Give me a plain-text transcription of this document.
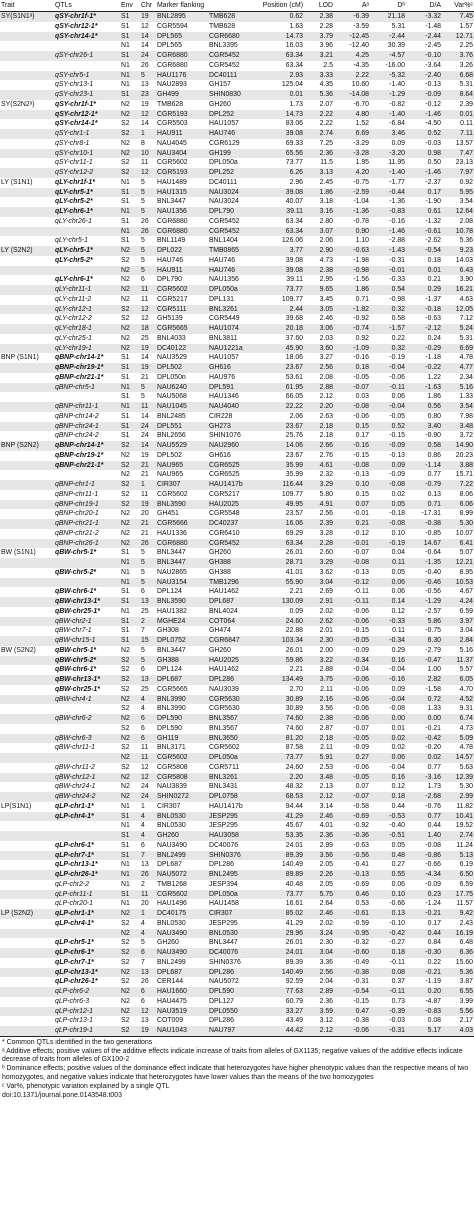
Trait	QTLs	Env	Chr	Marker flanking		Position (cM)	LOD	Aᵃ	Dᵇ	D/A	Var%ᶜ
SY(S1N1ᵃ)	qSY-chr1f-1*	S1	19	BNL2895	TMB628	0.62	2.38	-6.39	21.18	-3.32	7.45
	qSY-chr12-1*	S1	12	CGR5594	TMB628	1.63	2.28	-3.59	5.31	-1.48	1.57
	qSY-chr14-1*	S1	14	DPL565	CGR6680	14.73	3.79	-12.45	-2.44	-2.44	12.71
		N1	14	DPL565	BNL3395	16.03	3.96	-12.40	30.39	-2.45	2.25
	qSY-chr26-1	S1	24	CGR6880	CGR5452	63.34	3.21	4.25	-4.57	-0.10	3.76
		N1	26	CGR6880	CGR5452	63.34	2.5	-4.35	-16.00	-3.64	3.26
	qSY-chr5-1	N1	5	HAU1176	DC40111	2.93	3.33	2.22	-5.32	-2.40	6.68
	qSY-chr13-1	N1	13	NAU2893	GH157	125.04	4.35	10.60	-1.40	-0.13	5.31
	qSY-chr23-1	S1	23	GH499	SHIN0830	0.01	5.36	-14.08	-1.29	-0.09	8.64
SY(S2N2ᵃ)	qSY-chr1f-1*	N2	19	TMB628	GH260	1.73	2.07	-6.70	-0.82	-0.12	2.39
	qSY-chr12-1*	N2	12	CGR5193	DPL252	14.73	2.22	4.80	-1.40	-1.46	0.01
	qSY-chr14-1*	S2	14	CGR5503	HAU1057	83.06	2.22	1.52	-6.84	-4.50	0.11
	qSY-chr1-1	S2	1	HAU911	HAU746	39.08	2.74	6.69	3.46	0.52	7.11
	qSY-chr8-1	N2	8	NAU4045	CGR6129	69.33	7.25	-3.29	0.09	-0.03	13.57
	qSY-chr10-1	N2	10	NAU3404	GH199	65.56	2.36	-3.28	-3.20	0.98	7.47
	qSY-chr11-1	S2	11	CGR5602	DPL050a	73.77	11.5	1.95	11.95	0.50	23.13
	qSY-chr12-2	S2	12	CGR5193	DPL252	6.26	3.13	4.20	-1.40	-1.46	7.97
LY (S1N1)	qLY-chr1f-1*	N1	5	HAU1489	DC40111	2.96	2.45	-0.75	-1.77	-2.37	0.92
	qLY-chr5-1*	S1	5	HAU1315	NAU3024	39.08	1.86	-2.59	-0.44	0.17	5.95
	qLY-chr5-2*	S1	5	BNL3447	NAU3024	40.07	3.18	-1.04	-1.36	-1.90	3.54
	qLY-chr6-1*	N1	5	NAU1356	DPL790	39.11	3.16	-1.36	-0.83	0.61	12.64
	qLY-chr26-1	S1	26	CGR6880	CGR5452	63.34	2.80	-0.78	-0.16	-1.32	2.08
		N1	26	CGR6880	CGR5452	63.34	3.07	0.90	-1.46	-0.61	10.78
	qLY-chr5-1	S1	5	BNL1149	BNL1404	126.06	2.06	1.10	-2.88	-2.62	5.36
LY (S2N2)	qLY-chr5-1*	N2	5	DPL022	TMB0865	3.77	2.90	-0.63	-1.43	-0.54	9.23
	qLY-chr5-2*	S2	5	HAU746	HAU746	39.08	4.73	-1.98	-0.31	0.18	14.03
		N2	5	HAU911	HAU746	39.08	2.38	-0.98	-0.01	0.01	6.43
	qLY-chr6-1*	N2	6	DPL790	NAU1356	39.11	2.95	-1.56	-0.33	0.21	3.90
	qLY-chr11-1	N2	11	CGR5602	DPL050a	73.77	9.65	1.86	0.54	0.29	16.21
	qLY-chr11-2	N2	11	CGR5217	DPL131	109.77	3.45	0.71	-0.98	-1.37	4.63
	qLY-chr12-1	S2	12	CGR5111	BNL3261	2.44	3.05	-1.82	0.32	-0.18	12.05
	qLY-chr12-2	S2	12	GH5139	CGR5449	39.68	2.46	-0.92	0.58	-0.63	7.12
	qLY-chr18-1	N2	18	CGR5665	HAU1074	20.18	3.06	-0.74	-1.57	-2.12	5.24
	qLY-chr25-1	N2	25	BNL4033	BNL3811	37.60	2.03	0.92	0.22	0.24	5.31
	qLY-chr19-1	N2	19	DC40122	NAU1221a	45.90	3.60	-1.09	0.32	-0.29	6.69
BNP (S1N1)	qBNP-chr14-1*	S1	14	NAU3529	HAU1057	18.06	3.27	-0.16	-0.19	-1.18	4.78
	qBNP-chr19-1*	S1	19	DPL502	GH616	23.67	2.56	0.18	-0.04	-0.22	4.77
	qBNP-chr21-1*	S1	21	DPL050n	HAU976	53.61	2.08	-0.05	-0.06	1.22	2.34
	qBNP-chr5-1	N1	5	NAU6240	DPL591	61.95	2.88	-0.07	-0.11	-1.63	5.16
		S1	5	NAU5068	HAU1346	66.05	2.12	0.03	0.06	1.86	1.33
	qBNP-chr11-1	N1	11	NAU1045	NAU4040	22.22	2.20	-0.08	-0.04	0.56	3.54
	qBNP-chr14-2	S1	14	BNL2485	CIR228	2.06	2.63	-0.06	-0.05	0.80	7.98
	qBNP-chr24-1	S1	24	DPL551	GH273	23.67	2.18	0.15	0.52	3.40	3.48
	qBNP-chr24-2	S1	24	BNL2656	SHIN1076	25.76	2.18	0.17	-0.15	-0.90	3.72
BNP (S2N2)	qBNP-chr14-1*	S2	14	NAU5529	NAU2960	14.06	2.66	-0.16	-0.09	0.58	14.90
	qBNP-chr19-1*	N2	19	DPL502	GH616	23.67	2.76	-0.15	-0.13	0.86	20.23
	qBNP-chr21-1*	S2	21	NAU965	CGR6525	35.99	4.61	-0.08	0.09	-1.14	3.88
		N2	21	NAU965	CGR6525	35.99	2.32	-0.13	-0.09	0.77	15.71
	qBNP-chr1-1	S2	1	CIR307	HAU1417b	116.44	3.29	0.10	-0.08	-0.79	7.22
	qBNP-chr11-1	S2	11	CGR5602	CGR5217	109.77	5.80	0.15	0.02	0.13	8.06
	qBNP-chr19-1	S2	19	BNL3590	HAU2025	49.95	4.91	0.07	0.05	0.71	6.06
	qBNP-chr20-1	N2	20	GH451	CGR5548	23.57	2.56	-0.01	-0.18	-17.31	8.99
	qBNP-chr21-1	N2	21	CGR5666	DC40237	16.06	2.39	0.21	-0.08	-0.38	5.30
	qBNP-chr21-2	N2	21	HAU1336	CGR6410	69.29	3.28	-0.12	0.10	-0.85	10.07
	qBNP-chr26-1	N2	26	CGR6880	CGR5452	63.34	2.28	-0.01	-0.19	14.67	6.41
BW (S1N1)	qBW-chr5-1*	S1	5	BNL3447	GH260	26.01	2.60	-0.07	0.04	-0.64	5.07
		N1	5	BNL3447	GH388	28.71	3.29	-0.08	0.11	-1.35	12.21
	qBW-chr5-2*	N1	5	NAU2865	GH388	41.01	3.62	-0.13	0.05	-0.40	8.95
		N1	5	NAU3154	TMB1296	55.90	3.04	-0.12	0.06	-0.46	10.53
	qBW-chr6-1*	S1	6	DPL124	HAU1462	2.21	2.69	-0.11	0.06	-0.56	4.67
	qBW-chr13-1*	S1	13	BNL3590	DPL687	130.09	2.91	-0.11	0.14	-1.29	4.24
	qBW-chr25-1*	N1	25	HAU1382	BNL4024	0.09	2.02	-0.06	0.12	-2.57	6.59
	qBW-chr2-1	S1	2	MGHE24	COT064	24.60	2.62	-0.06	-0.33	5.86	3.97
	qBW-chr7-1	S1	7	GH308	GH474	22.88	2.01	-0.15	0.11	-0.75	3.04
	qBW-chr15-1	S1	15	DPL0752	CGR6847	103.34	2.30	-0.05	-0.34	6.30	2.84
BW (S2N2)	qBW-chr5-1*	N2	5	BNL3447	GH260	26.01	2.00	-0.09	0.29	-2.79	5.16
	qBW-chr5-2*	S2	5	GH388	HAU2025	59.86	3.22	-0.34	0.16	-0.47	11.37
	qBW-chr6-1*	S2	6	DPL124	HAU1462	2.21	2.88	-0.04	-0.04	1.00	5.57
	qBW-chr13-1*	S2	13	DPL687	DPL286	134.49	3.75	-0.06	-0.16	2.82	6.05
	qBW-chr25-1*	S2	25	CGR5665	NAU3039	2.70	2.11	-0.06	0.09	-1.58	4.70
	qBW-chr4-1	N2	4	BNL3990	CGR5630	30.89	2.16	-0.06	-0.04	0.72	4.52
		S2	4	BNL3990	CGR5630	30.89	3.56	-0.06	-0.08	1.33	9.31
	qBW-chr6-2	N2	6	DPL590	BNL3567	74.60	2.38	-0.06	0.00	0.00	6.74
		S2	6	DPL590	BNL3567	74.60	2.87	-0.07	0.01	-0.21	4.73
	qBW-chr6-3	N2	6	GH119	BNL3650	81.20	2.18	-0.05	0.02	-0.42	5.09
	qBW-chr11-1	S2	11	BNL3171	CGR5602	87.58	2.11	-0.09	0.02	-0.20	4.78
		N2	11	CGR5602	DPL050a	73.77	5.91	0.27	0.06	0.02	14.57
	qBW-chr11-2	S2	12	CGR5808	CGR5711	24.60	2.53	-0.06	-0.04	0.77	5.63
	qBW-chr12-1	N2	12	CGR5808	BNL3261	2.20	3.48	-0.05	0.16	-3.16	12.39
	qBW-chr24-1	N2	24	NAU3839	BNL3431	48.32	2.13	0.07	0.12	1.73	5.30
	qBW-chr24-2	N2	24	SHIN0272	DPL0758	68.53	2.12	-0.07	0.18	-2.68	2.99
LP(S1N1)	qLP-chr1-1*	N1	1	CIR307	HAU1417b	94.44	3.14	-0.58	0.44	-0.76	11.82
	qLP-chr4-1*	S1	4	BNL0530	JESP295	41.29	2.46	-0.69	-0.53	0.77	10.41
		N1	4	BNL0530	JESP295	45.67	4.01	-0.92	-0.40	0.44	19.52
		S1	4	GH260	HAU3058	53.35	2.36	-0.36	-0.51	1.40	2.74
	qLP-chr6-1*	S1	6	NAU3490	DC40076	24.01	2.99	-0.63	0.05	-0.08	11.24
	qLP-chr7-1*	S1	7	BNL2499	SHIN0376	89.39	3.56	-0.56	0.48	-0.86	5.13
	qLP-chr13-1*	N1	13	DPL687	DPL286	140.49	2.05	-0.41	0.27	-0.66	6.19
	qLP-chr26-1*	N1	26	NAU5072	BNL2495	89.89	2.26	-0.13	0.55	-4.34	6.50
	qLP-chr2-2	N1	2	TMB1268	JESP394	40.48	2.05	-0.69	0.06	-0.09	6.59
	qLP-chr11-1	S1	11	CGR5602	DPL050a	73.77	5.75	0.46	0.10	0.23	17.75
	qLP-chr20-1	N1	20	HAU1496	HAU1458	16.61	2.64	0.53	-0.66	-1.24	11.57
LP (S2N2)	qLP-chr1-1*	N2	1	DC40175	CIR307	85.02	2.46	-0.61	0.13	-0.21	9.42
	qLP-chr4-1*	S2	4	BNL0530	JESP295	41.29	2.02	-0.59	-0.10	0.17	2.43
		N2	4	NAU3490	BNL0530	29.96	3.24	-0.95	-0.42	0.44	16.19
	qLP-chr5-1*	S2	5	GH260	BNL3447	26.01	2.30	-0.32	-0.27	0.84	6.48
	qLP-chr6-1*	S2	6	NAU3490	DC40076	24.01	3.04	-0.60	0.18	-0.30	6.36
	qLP-chr7-1*	S2	7	BNL2499	SHIN0376	89.39	3.36	-0.49	-0.11	0.22	15.60
	qLP-chr13-1*	N2	13	DPL687	DPL286	140.49	2.56	-0.38	0.08	-0.21	5.36
	qLP-chr26-1*	S2	26	CER144	NAU5072	92.59	2.04	-0.31	0.37	-1.19	3.87
	qLP-chr6-2	N2	6	HAU1660	DPL590	77.63	2.89	-0.54	-0.11	0.20	6.55
	qLP-chr6-3	N2	6	HAU4475	DPL127	60.79	2.36	-0.15	0.73	-4.87	3.99
	qLP-chr12-1	N2	12	NAU3519	DPL0550	33.27	3.59	0.47	-0.39	-0.83	5.56
	qLP-chr13-1	S2	13	COT009	DPL286	43.49	3.12	-0.38	-0.03	0.08	2.17
	qLP-chr19-1	S2	19	NAU1043	NAU797	44.42	2.12	-0.06	-0.31	5.17	4.03
* Common QTLs identified in the two generations
ᵃ Additive effects; positive values of the additive effects indicate increase of traits from alleles of GX1135; negative values of the additive effects indicate decrease of traits from alleles of GX100-2
ᵇ Dominance effects; positive values of the dominance effect indicate that heterozygotes have higher phenotypic values than the respective means of two homozygotes, and negative values indicate that heterozygotes have lower values than the means of the two homozygotes
ᶜ Var%, phenotypic variation explained by a single QTL
doi:10.1371/journal.pone.0143548.t003
